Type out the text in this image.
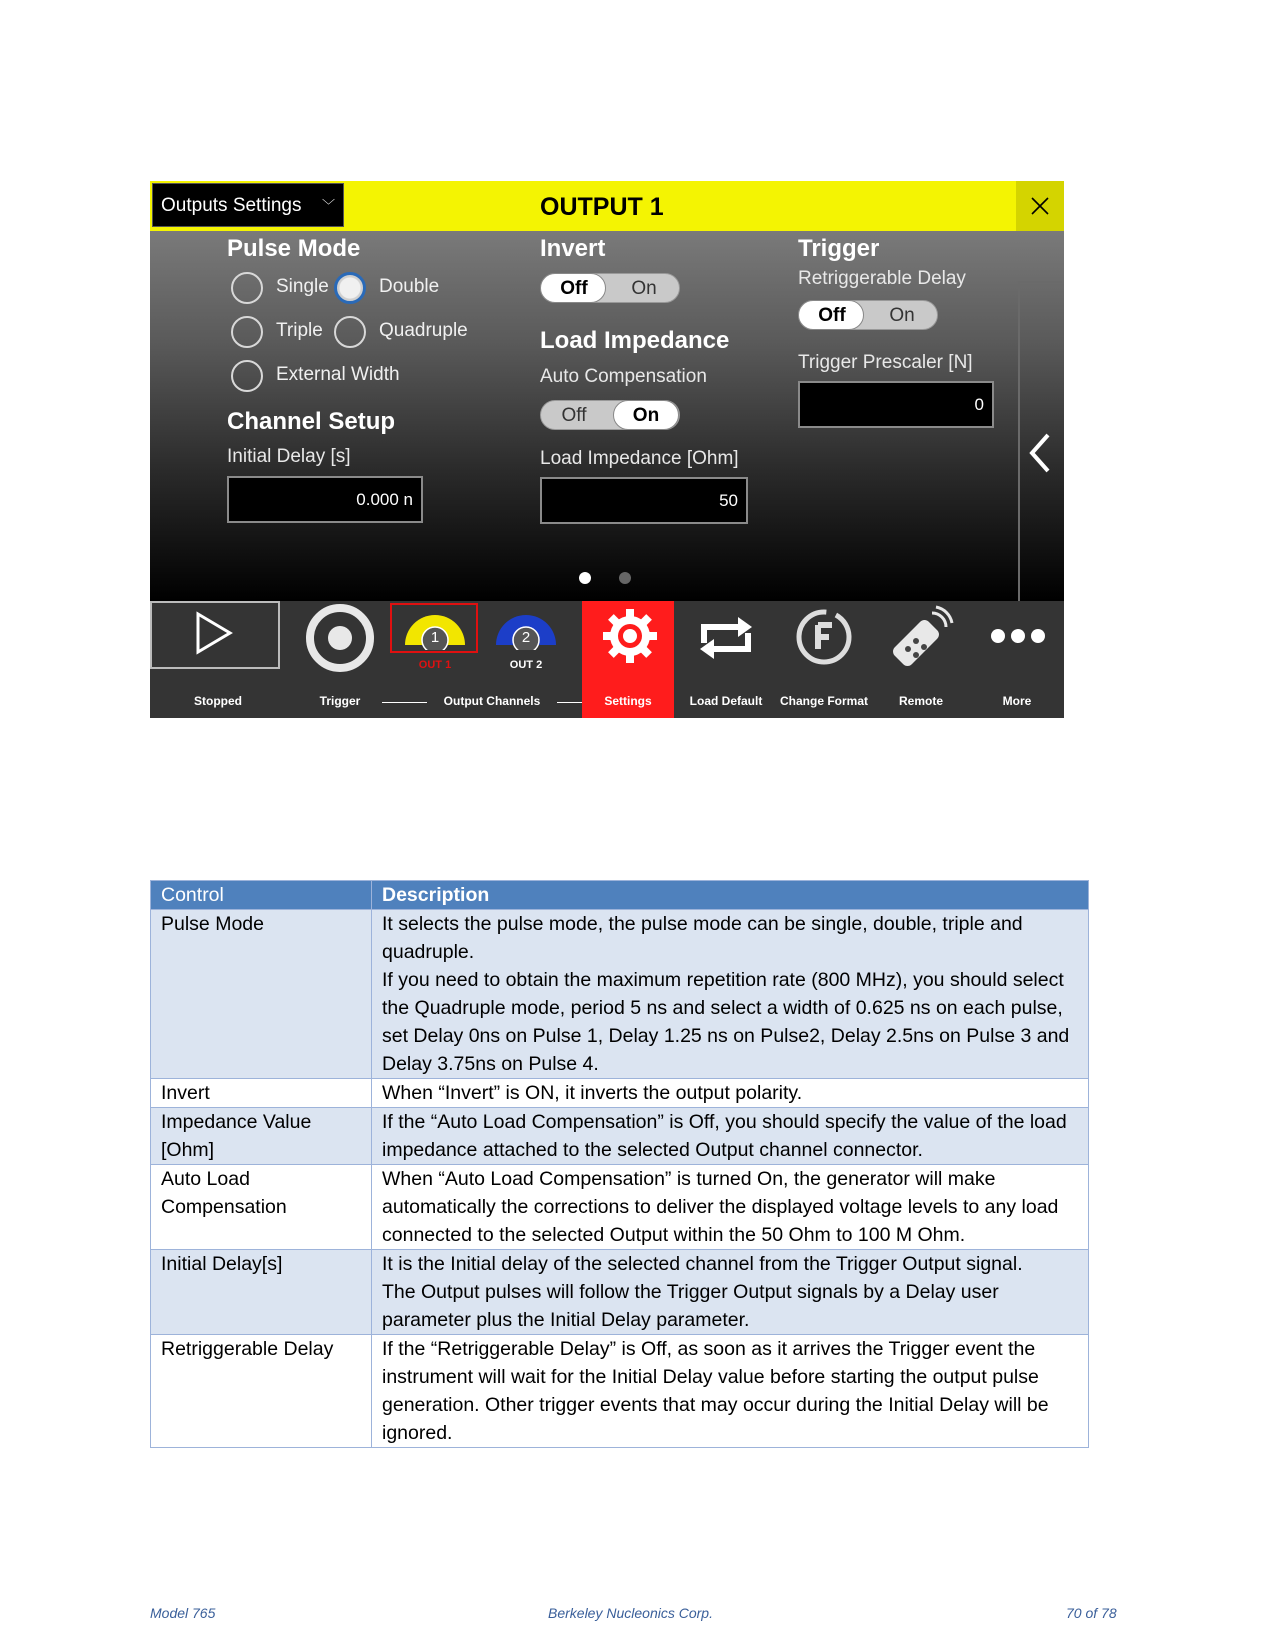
Outputs Settings ﹀	OUTPUT 1
Pulse Mode
Single	Double
Triple	Quadruple
External Width
Channel Setup
Initial Delay [s]
0.000 n
Invert
Off	On
Load Impedance
Auto Compensation
Off	On
Load Impedance [Ohm]
50
Trigger
Retriggerable Delay
Off	On
Trigger Prescaler [N]
0
Stopped	Trigger
1
OUT 1
2
OUT 2
Output Channels	Settings	Load Default	Change Format	Remote	More
Control	Description
Pulse Mode	It selects the pulse mode, the pulse mode can be single, double, triple and quadruple.

If you need to obtain the maximum repetition rate (800 MHz), you should select the Quadruple mode, period 5 ns and select a width of 0.625 ns on each pulse, set Delay 0ns on Pulse 1, Delay 1.25 ns on Pulse2, Delay 2.5ns on Pulse 3 and Delay 3.75ns on Pulse 4.

Invert	When “Invert” is ON, it inverts the output polarity.

Impedance Value [Ohm]	If the “Auto Load Compensation” is Off, you should specify the value of the load impedance attached to the selected Output channel connector.

Auto Load Compensation	When “Auto Load Compensation” is turned On, the generator will make automatically the corrections to deliver the displayed voltage levels to any load connected to the selected Output within the 50 Ohm to 100 M Ohm.

Initial Delay[s]	It is the Initial delay of the selected channel from the Trigger Output signal.

The Output pulses will follow the Trigger Output signals by a Delay user parameter plus the Initial Delay parameter.

Retriggerable Delay	If the “Retriggerable Delay” is Off, as soon as it arrives the Trigger event the instrument will wait for the Initial Delay value before starting the output pulse generation. Other trigger events that may occur during the Initial Delay will be ignored.

Model 765	Berkeley Nucleonics Corp.	70 of 78
